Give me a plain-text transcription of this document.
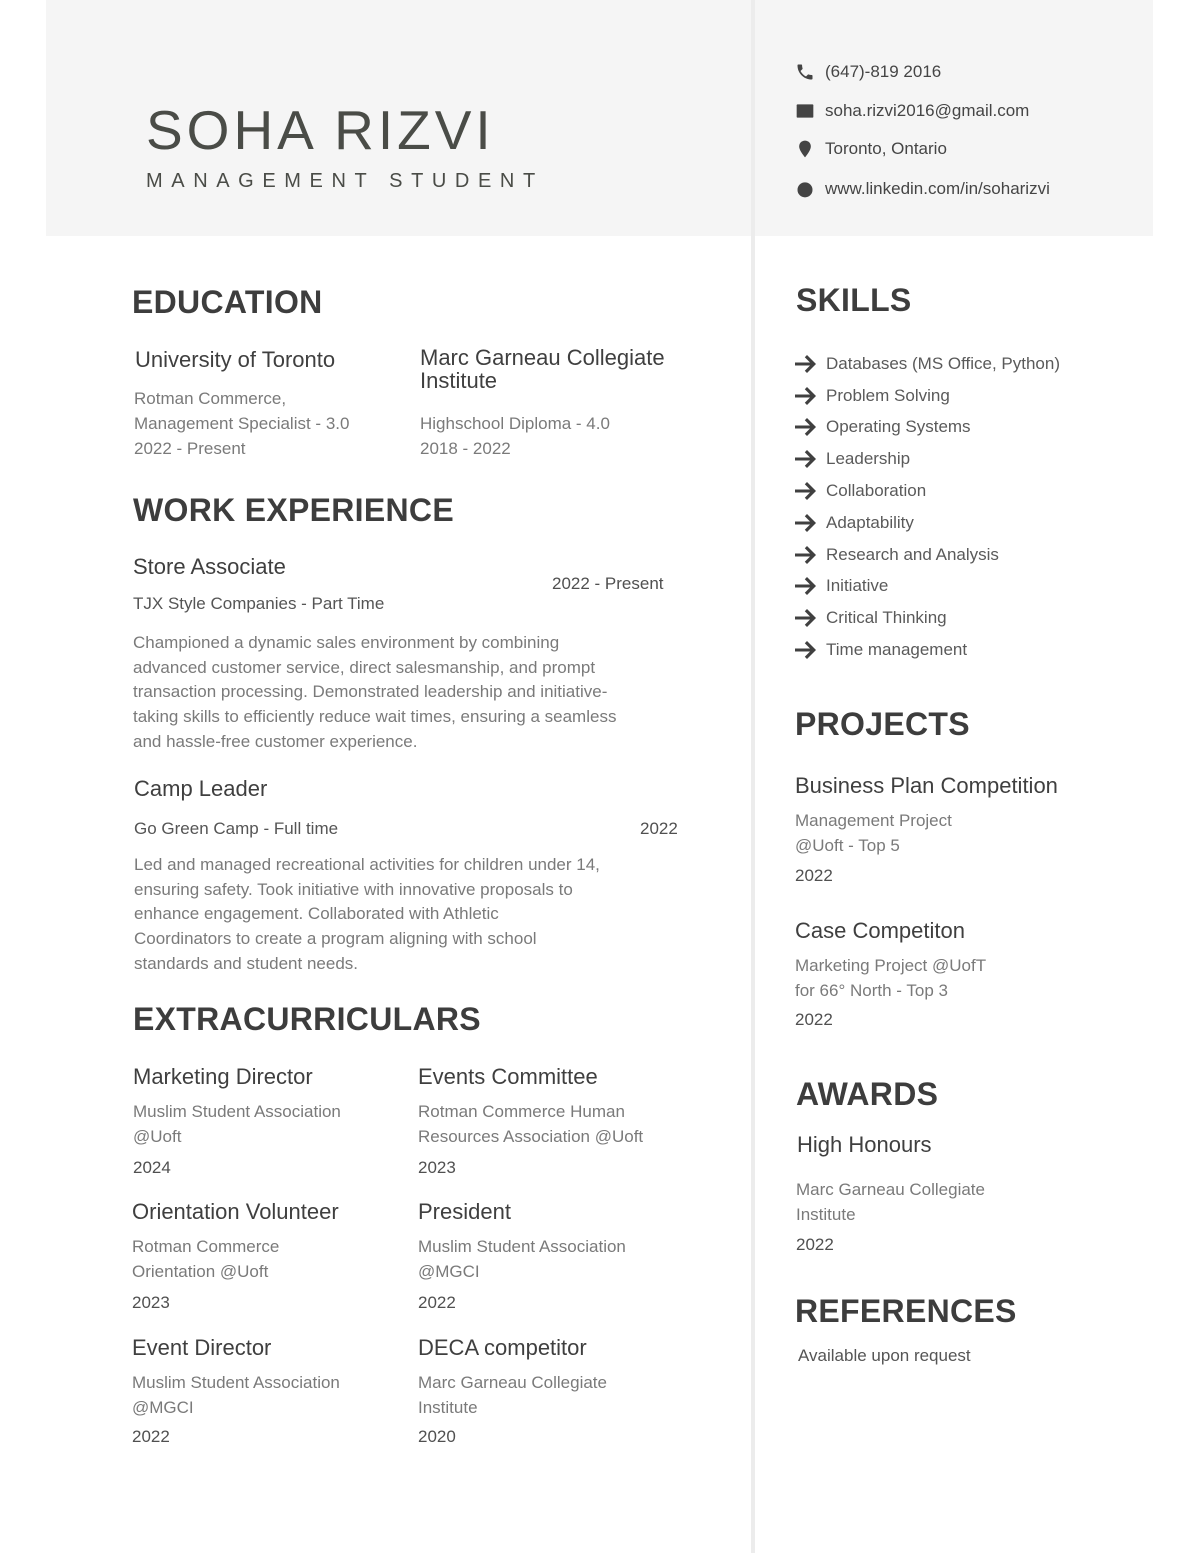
SOHA RIZVI
MANAGEMENT STUDENT
(647)-819 2016
soha.rizvi2016@gmail.com
Toronto, Ontario
www.linkedin.com/in/soharizvi
EDUCATION
University of Toronto
Rotman Commerce,
Management Specialist - 3.0
2022 - Present
Marc Garneau Collegiate
Institute
Highschool Diploma - 4.0
2018 - 2022
WORK EXPERIENCE
Store Associate
2022 - Present
TJX Style Companies - Part Time
Championed a dynamic sales environment by combining
advanced customer service, direct salesmanship, and prompt
transaction processing. Demonstrated leadership and initiative-
taking skills to efficiently reduce wait times, ensuring a seamless
and hassle-free customer experience.
Camp Leader
Go Green Camp - Full time	2022
Led and managed recreational activities for children under 14,
ensuring safety. Took initiative with innovative proposals to
enhance engagement. Collaborated with Athletic
Coordinators to create a program aligning with school
standards and student needs.
EXTRACURRICULARS
Marketing Director
Muslim Student Association
@Uoft
2024
Events Committee
Rotman Commerce Human
Resources Association @Uoft
2023
Orientation Volunteer
Rotman Commerce
Orientation @Uoft
2023
President
Muslim Student Association
@MGCI
2022
Event Director
Muslim Student Association
@MGCI
2022
DECA competitor
Marc Garneau Collegiate
Institute
2020
SKILLS
Databases (MS Office, Python)
Problem Solving
Operating Systems
Leadership
Collaboration
Adaptability
Research and Analysis
Initiative
Critical Thinking
Time management
PROJECTS
Business Plan Competition
Management Project
@Uoft - Top 5
2022
Case Competiton
Marketing Project @UofT
for 66° North - Top 3
2022
AWARDS
High Honours
Marc Garneau Collegiate
Institute
2022
REFERENCES
Available upon request
